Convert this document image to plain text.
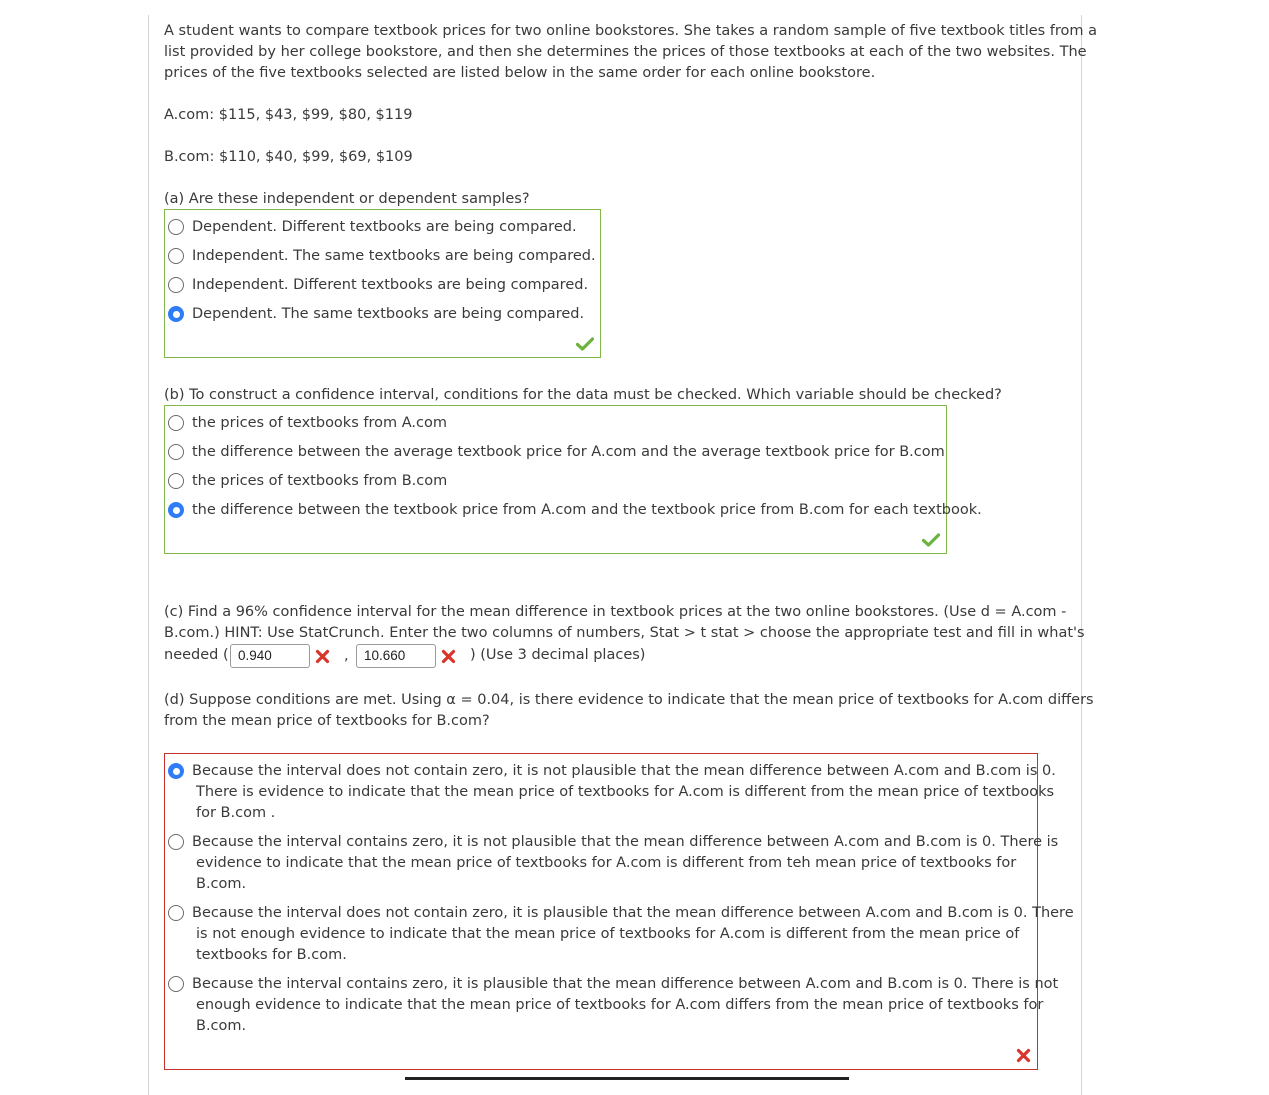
A student wants to compare textbook prices for two online bookstores. She takes a random sample of five textbook titles from a
list provided by her college bookstore, and then she determines the prices of those textbooks at each of the two websites. The
prices of the five textbooks selected are listed below in the same order for each online bookstore.
A.com: $115, $43, $99, $80, $119
B.com: $110, $40, $99, $69, $109
(a) Are these independent or dependent samples?
Dependent. Different textbooks are being compared.
Independent. The same textbooks are being compared.
Independent. Different textbooks are being compared.
Dependent. The same textbooks are being compared.
(b) To construct a confidence interval, conditions for the data must be checked. Which variable should be checked?
the prices of textbooks from A.com
the difference between the average textbook price for A.com and the average textbook price for B.com
the prices of textbooks from B.com
the difference between the textbook price from A.com and the textbook price from B.com for each textbook.
(c) Find a 96% confidence interval for the mean difference in textbook prices at the two online bookstores. (Use d = A.com -
B.com.) HINT: Use StatCrunch. Enter the two columns of numbers, Stat > t stat > choose the appropriate test and fill in what's
needed ( 0.940	,	10.660	) (Use 3 decimal places)
(d) Suppose conditions are met. Using α = 0.04, is there evidence to indicate that the mean price of textbooks for A.com differs
from the mean price of textbooks for B.com?
Because the interval does not contain zero, it is not plausible that the mean difference between A.com and B.com is 0.
There is evidence to indicate that the mean price of textbooks for A.com is different from the mean price of textbooks
for B.com .
Because the interval contains zero, it is not plausible that the mean difference between A.com and B.com is 0. There is
evidence to indicate that the mean price of textbooks for A.com is different from teh mean price of textbooks for
B.com.
Because the interval does not contain zero, it is plausible that the mean difference between A.com and B.com is 0. There
is not enough evidence to indicate that the mean price of textbooks for A.com is different from the mean price of
textbooks for B.com.
Because the interval contains zero, it is plausible that the mean difference between A.com and B.com is 0. There is not
enough evidence to indicate that the mean price of textbooks for A.com differs from the mean price of textbooks for
B.com.
